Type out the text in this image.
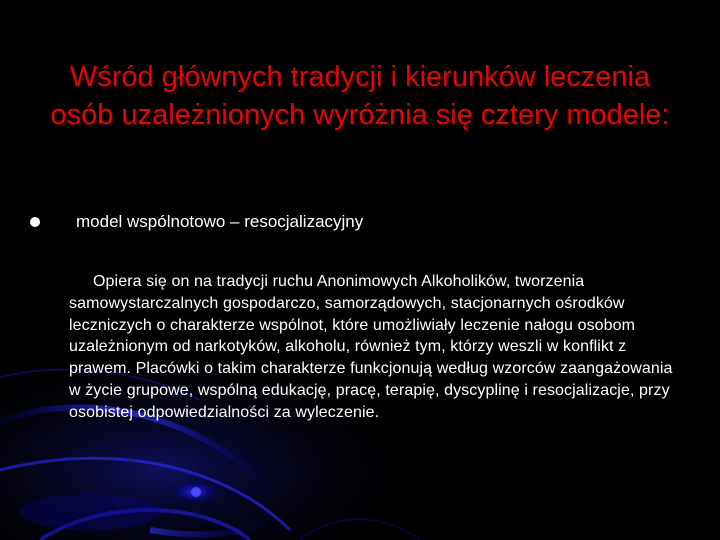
Wśród głównych tradycji i kierunków leczenia osób uzależnionych wyróżnia się cztery modele:
model wspólnotowo – resocjalizacyjny

Opiera się on na tradycji ruchu Anonimowych Alkoholików, tworzenia samowystarczalnych gospodarczo, samorządowych, stacjonarnych ośrodków leczniczych o charakterze wspólnot, które umożliwiały leczenie nałogu osobom uzależnionym od narkotyków, alkoholu, również tym, którzy weszli w konflikt z prawem. Placówki o takim charakterze funkcjonują według wzorców zaangażowania w życie grupowe, wspólną edukację, pracę, terapię, dyscyplinę i resocjalizacje, przy osobistej odpowiedzialności za wyleczenie.
